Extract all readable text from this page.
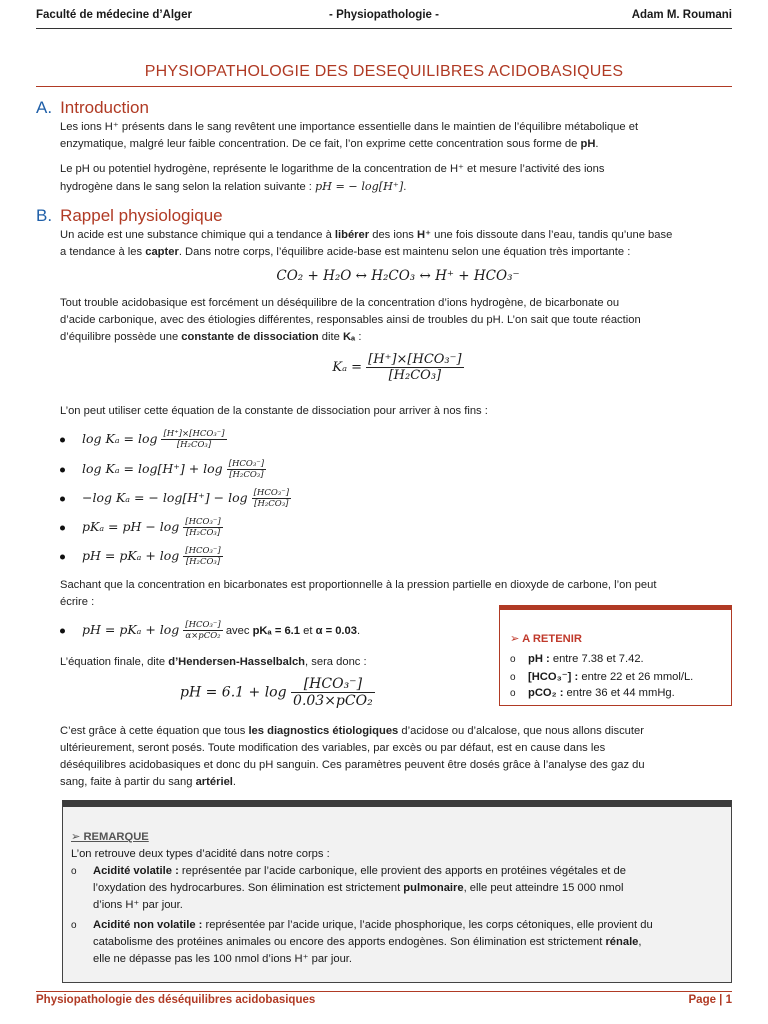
Faculté de médecine d’Alger	- Physiopathologie -	Adam M. Roumani
PHYSIOPATHOLOGIE DES DESEQUILIBRES ACIDOBASIQUES
A. Introduction
Les ions H⁺ présents dans le sang revêtent une importance essentielle dans le maintien de l’équilibre métabolique et
enzymatique, malgré leur faible concentration. De ce fait, l’on exprime cette concentration sous forme de pH.
Le pH ou potentiel hydrogène, représente le logarithme de la concentration de H⁺ et mesure l’activité des ions
hydrogène dans le sang selon la relation suivante : pH = − log[H⁺].
B. Rappel physiologique
Un acide est une substance chimique qui a tendance à libérer des ions H⁺ une fois dissoute dans l’eau, tandis qu’une base
a tendance à les capter. Dans notre corps, l’équilibre acide-base est maintenu selon une équation très importante :
CO₂ + H₂O ↔ H₂CO₃ ↔ H⁺ + HCO₃⁻
Tout trouble acidobasique est forcément un déséquilibre de la concentration d’ions hydrogène, de bicarbonate ou
d’acide carbonique, avec des étiologies différentes, responsables ainsi de troubles du pH. L’on sait que toute réaction
d’équilibre possède une constante de dissociation dite Kₐ :
$K_a = \frac{\text{[H⁺]×[HCO₃⁻]}}{\text{[H₂CO₃]}}$
L’on peut utiliser cette équation de la constante de dissociation pour arriver à nos fins :
$\log K_a = \log \frac{\text{[H⁺]×[HCO₃⁻]}}{\text{[H₂CO₃]}}$
$\log K_a = \log[H^+] + \log \frac{\text{[HCO₃⁻]}}{\text{[H₂CO₃]}}$
−log Kₐ = − $\log[H^+] - \log \frac{\text{[HCO₃⁻]}}{\text{[H₂CO₃]}}$
pKₐ = pH − $\log \frac{\text{[HCO₃⁻]}}{\text{[H₂CO₃]}}$
pH = $pK_a + \log \frac{\text{[HCO₃⁻]}}{\text{[H₂CO₃]}}$
Sachant que la concentration en bicarbonates est proportionnelle à la pression partielle en dioxyde de carbone, l’on peut
écrire :
pH = $pK_a + \log \frac{\text{[HCO₃⁻]}}{\text{α×pCO₂}}$ avec pKₐ = 6.1 et α = 0.03.
L’équation finale, dite d’Hendersen-Hasselbalch, sera donc :
pH = $6.1 + \log \frac{\text{[HCO₃⁻]}}{\text{0.03×pCO₂}}$
C’est grâce à cette équation que tous les diagnostics étiologiques d’acidose ou d’alcalose, que nous allons discuter
ultérieurement, seront posés. Toute modification des variables, par excès ou par défaut, est en cause dans les
déséquilibres acidobasiques et donc du pH sanguin. Ces paramètres peuvent être dosés grâce à l’analyse des gaz du
sang, faite à partir du sang artériel.
➢ A RETENIR
o pH : entre 7.38 et 7.42.
o [HCO₃⁻] : entre 22 et 26 mmol/L.
o pCO₂ : entre 36 et 44 mmHg.
➢ REMARQUE
L’on retrouve deux types d’acidité dans notre corps :
o Acidité volatile : représentée par l’acide carbonique, elle provient des apports en protéines végétales et de
l’oxydation des hydrocarbures. Son élimination est strictement pulmonaire, elle peut atteindre 15 000 nmol
d’ions H⁺ par jour.
o Acidité non volatile : représentée par l’acide urique, l’acide phosphorique, les corps cétoniques, elle provient du
catabolisme des protéines animales ou encore des apports endogènes. Son élimination est strictement rénale,
elle ne dépasse pas les 100 nmol d’ions H⁺ par jour.
Physiopathologie des déséquilibres acidobasiques	Page | 1
